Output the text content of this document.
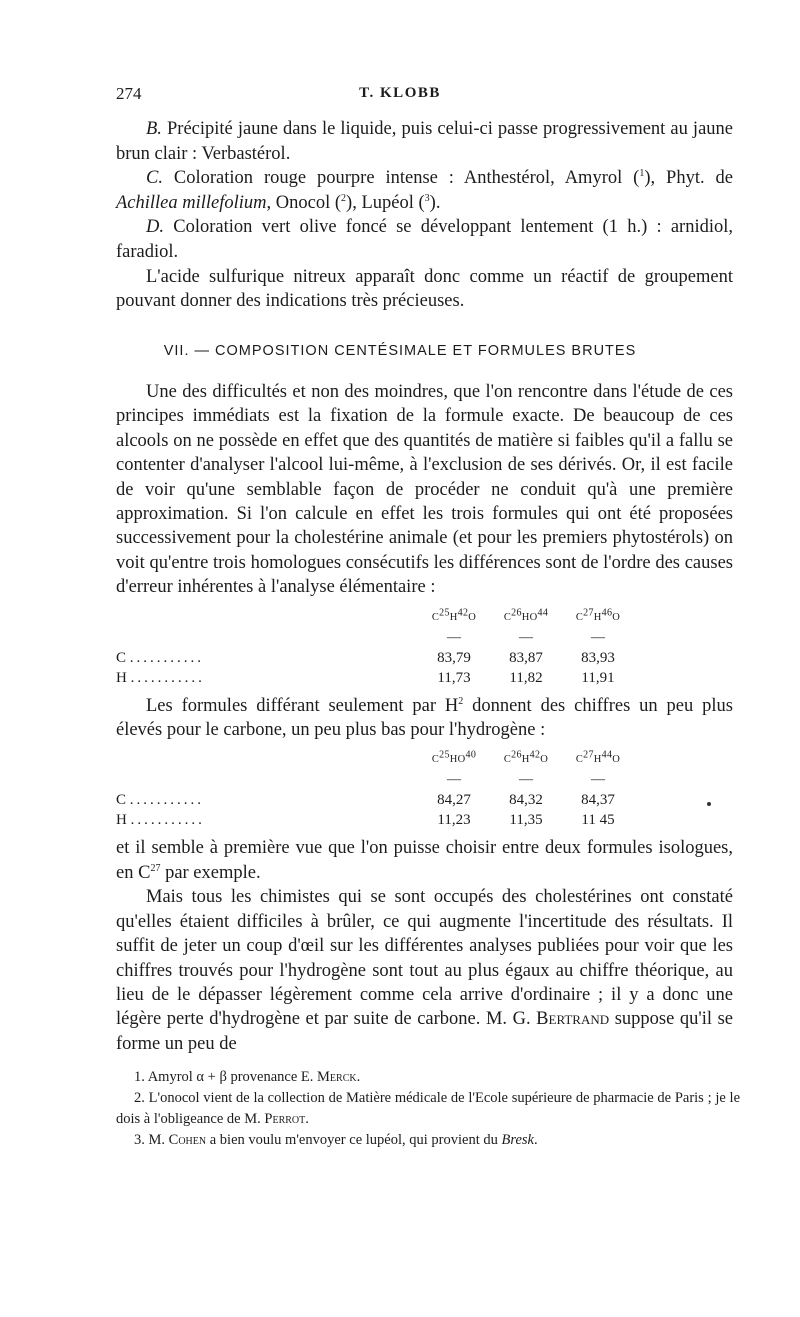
274	T. KLOBB

B. Précipité jaune dans le liquide, puis celui-ci passe progressivement au jaune brun clair : Verbastérol.

C. Coloration rouge pourpre intense : Anthestérol, Amyrol ($^1$), Phyt. de Achillea millefolium, Onocol ($^2$), Lupéol ($^3$).

D. Coloration vert olive foncé se développant lentement (1 h.) : arnidiol, faradiol.

L'acide sulfurique nitreux apparaît donc comme un réactif de groupement pouvant donner des indications très précieuses.

VII. — COMPOSITION CENTÉSIMALE ET FORMULES BRUTES

Une des difficultés et non des moindres, que l'on rencontre dans l'étude de ces principes immédiats est la fixation de la formule exacte. De beaucoup de ces alcools on ne possède en effet que des quantités de matière si faibles qu'il a fallu se contenter d'analyser l'alcool lui-même, à l'exclusion de ses dérivés. Or, il est facile de voir qu'une semblable façon de procéder ne conduit qu'à une première approximation. Si l'on calcule en effet les trois formules qui ont été proposées successivement pour la cholestérine animale (et pour les premiers phytostérols) on voit qu'entre trois homologues consécutifs les différences sont de l'ordre des causes d'erreur inhérentes à l'analyse élémentaire :

	$C^{25}H^{42}O$	$C^{26}HO^{44}$	$C^{27}H^{46}O$
	—	—	—
C ...........	83,79	83,87	83,93
H ...........	11,73	11,82	11,91

Les formules différant seulement par $H^2$ donnent des chiffres un peu plus élevés pour le carbone, un peu plus bas pour l'hydrogène :

	$C^{25}HO^{40}$	$C^{26}H^{42}O$	$C^{27}H^{44}O$
	—	—	—
C ...........	84,27	84,32	84,37
H ...........	11,23	11,35	11 45

et il semble à première vue que l'on puisse choisir entre deux formules isologues, en $C^{27}$ par exemple.

Mais tous les chimistes qui se sont occupés des cholestérines ont constaté qu'elles étaient difficiles à brûler, ce qui augmente l'incertitude des résultats. Il suffit de jeter un coup d'œil sur les différentes analyses publiées pour voir que les chiffres trouvés pour l'hydrogène sont tout au plus égaux au chiffre théorique, au lieu de le dépasser légèrement comme cela arrive d'ordinaire ; il y a donc une légère perte d'hydrogène et par suite de carbone. M. G. Bertrand suppose qu'il se forme un peu de

1. Amyrol α + β provenance E. Merck.

2. L'onocol vient de la collection de Matière médicale de l'Ecole supérieure de pharmacie de Paris ; je le dois à l'obligeance de M. Perrot.

3. M. Cohen a bien voulu m'envoyer ce lupéol, qui provient du Bresk.
